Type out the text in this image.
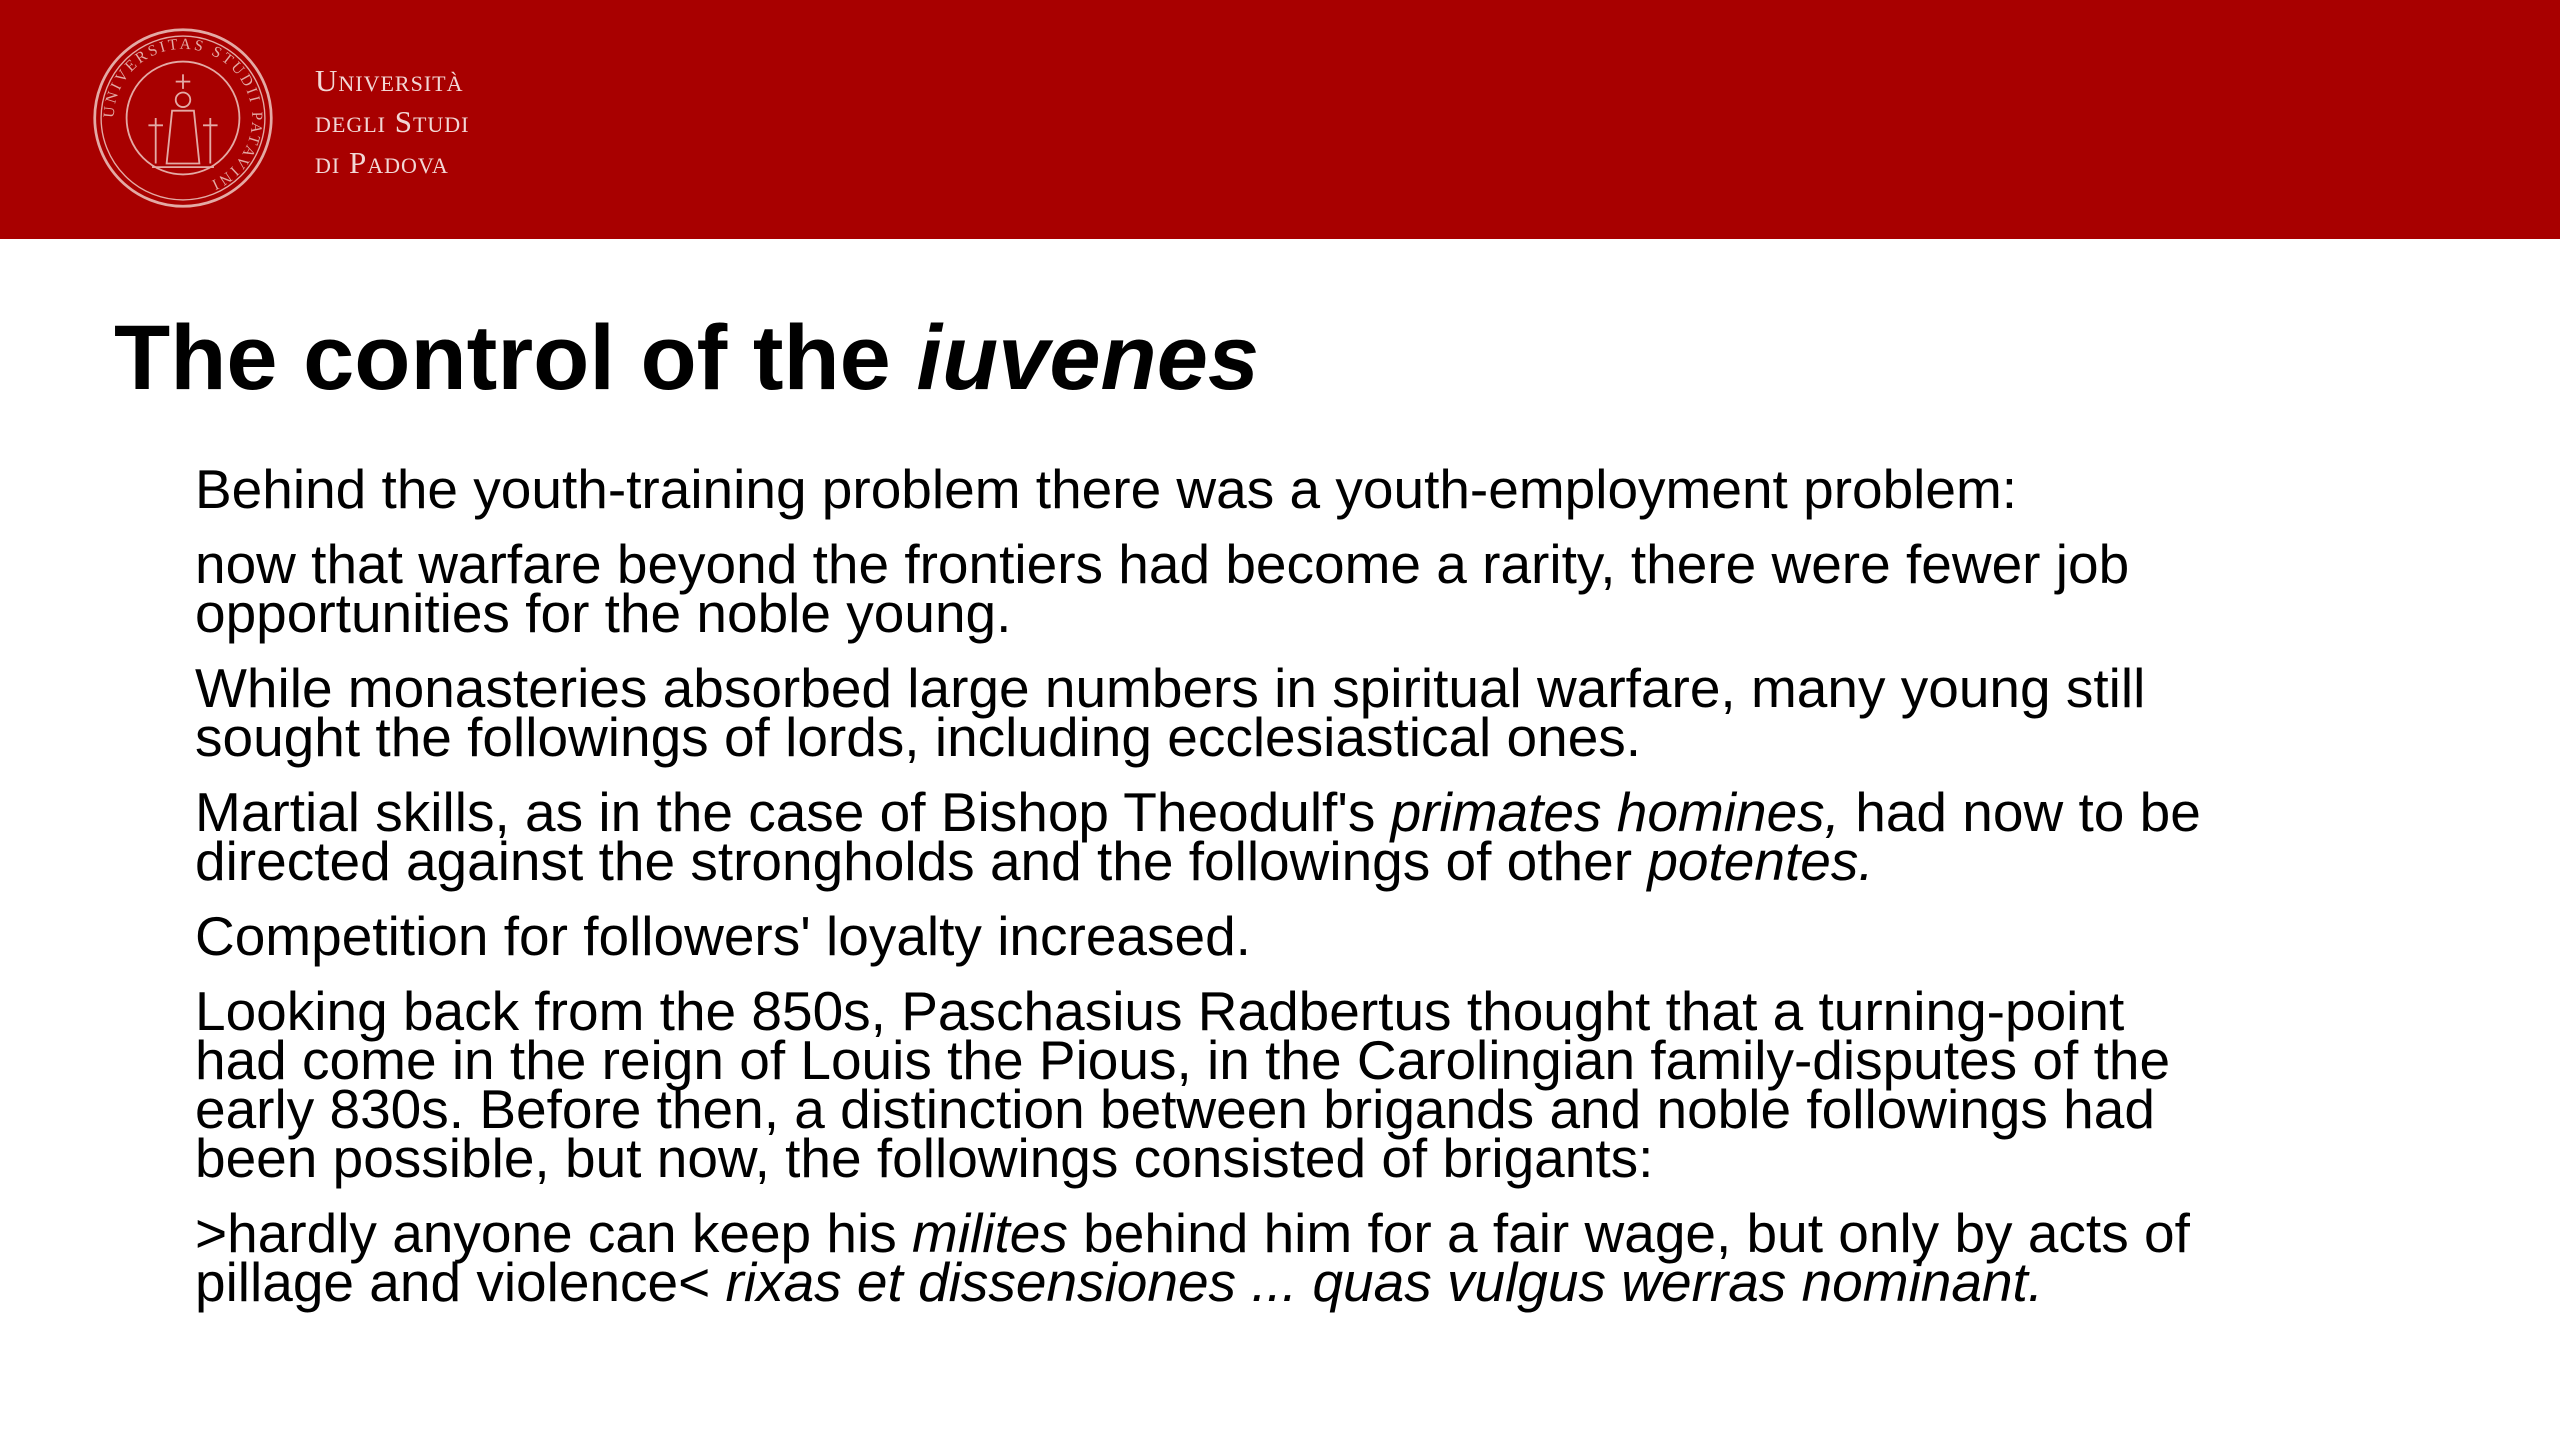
UNIVERSITAS STUDII PATAVINI
Università
degli Studi
di Padova
The control of the iuvenes

Behind the youth-training problem there was a youth-employment problem:

now that warfare beyond the frontiers had become a rarity, there were fewer job
opportunities for the noble young.

While monasteries absorbed large numbers in spiritual warfare, many young still
sought the followings of lords, including ecclesiastical ones.

Martial skills, as in the case of Bishop Theodulf's primates homines, had now to be
directed against the strongholds and the followings of other potentes.

Competition for followers' loyalty increased.

Looking back from the 850s, Paschasius Radbertus thought that a turning-point
had come in the reign of Louis the Pious, in the Carolingian family-disputes of the
early 830s. Before then, a distinction between brigands and noble followings had
been possible, but now, the followings consisted of brigants:

>hardly anyone can keep his milites behind him for a fair wage, but only by acts of
pillage and violence< rixas et dissensiones ... quas vulgus werras nominant.
